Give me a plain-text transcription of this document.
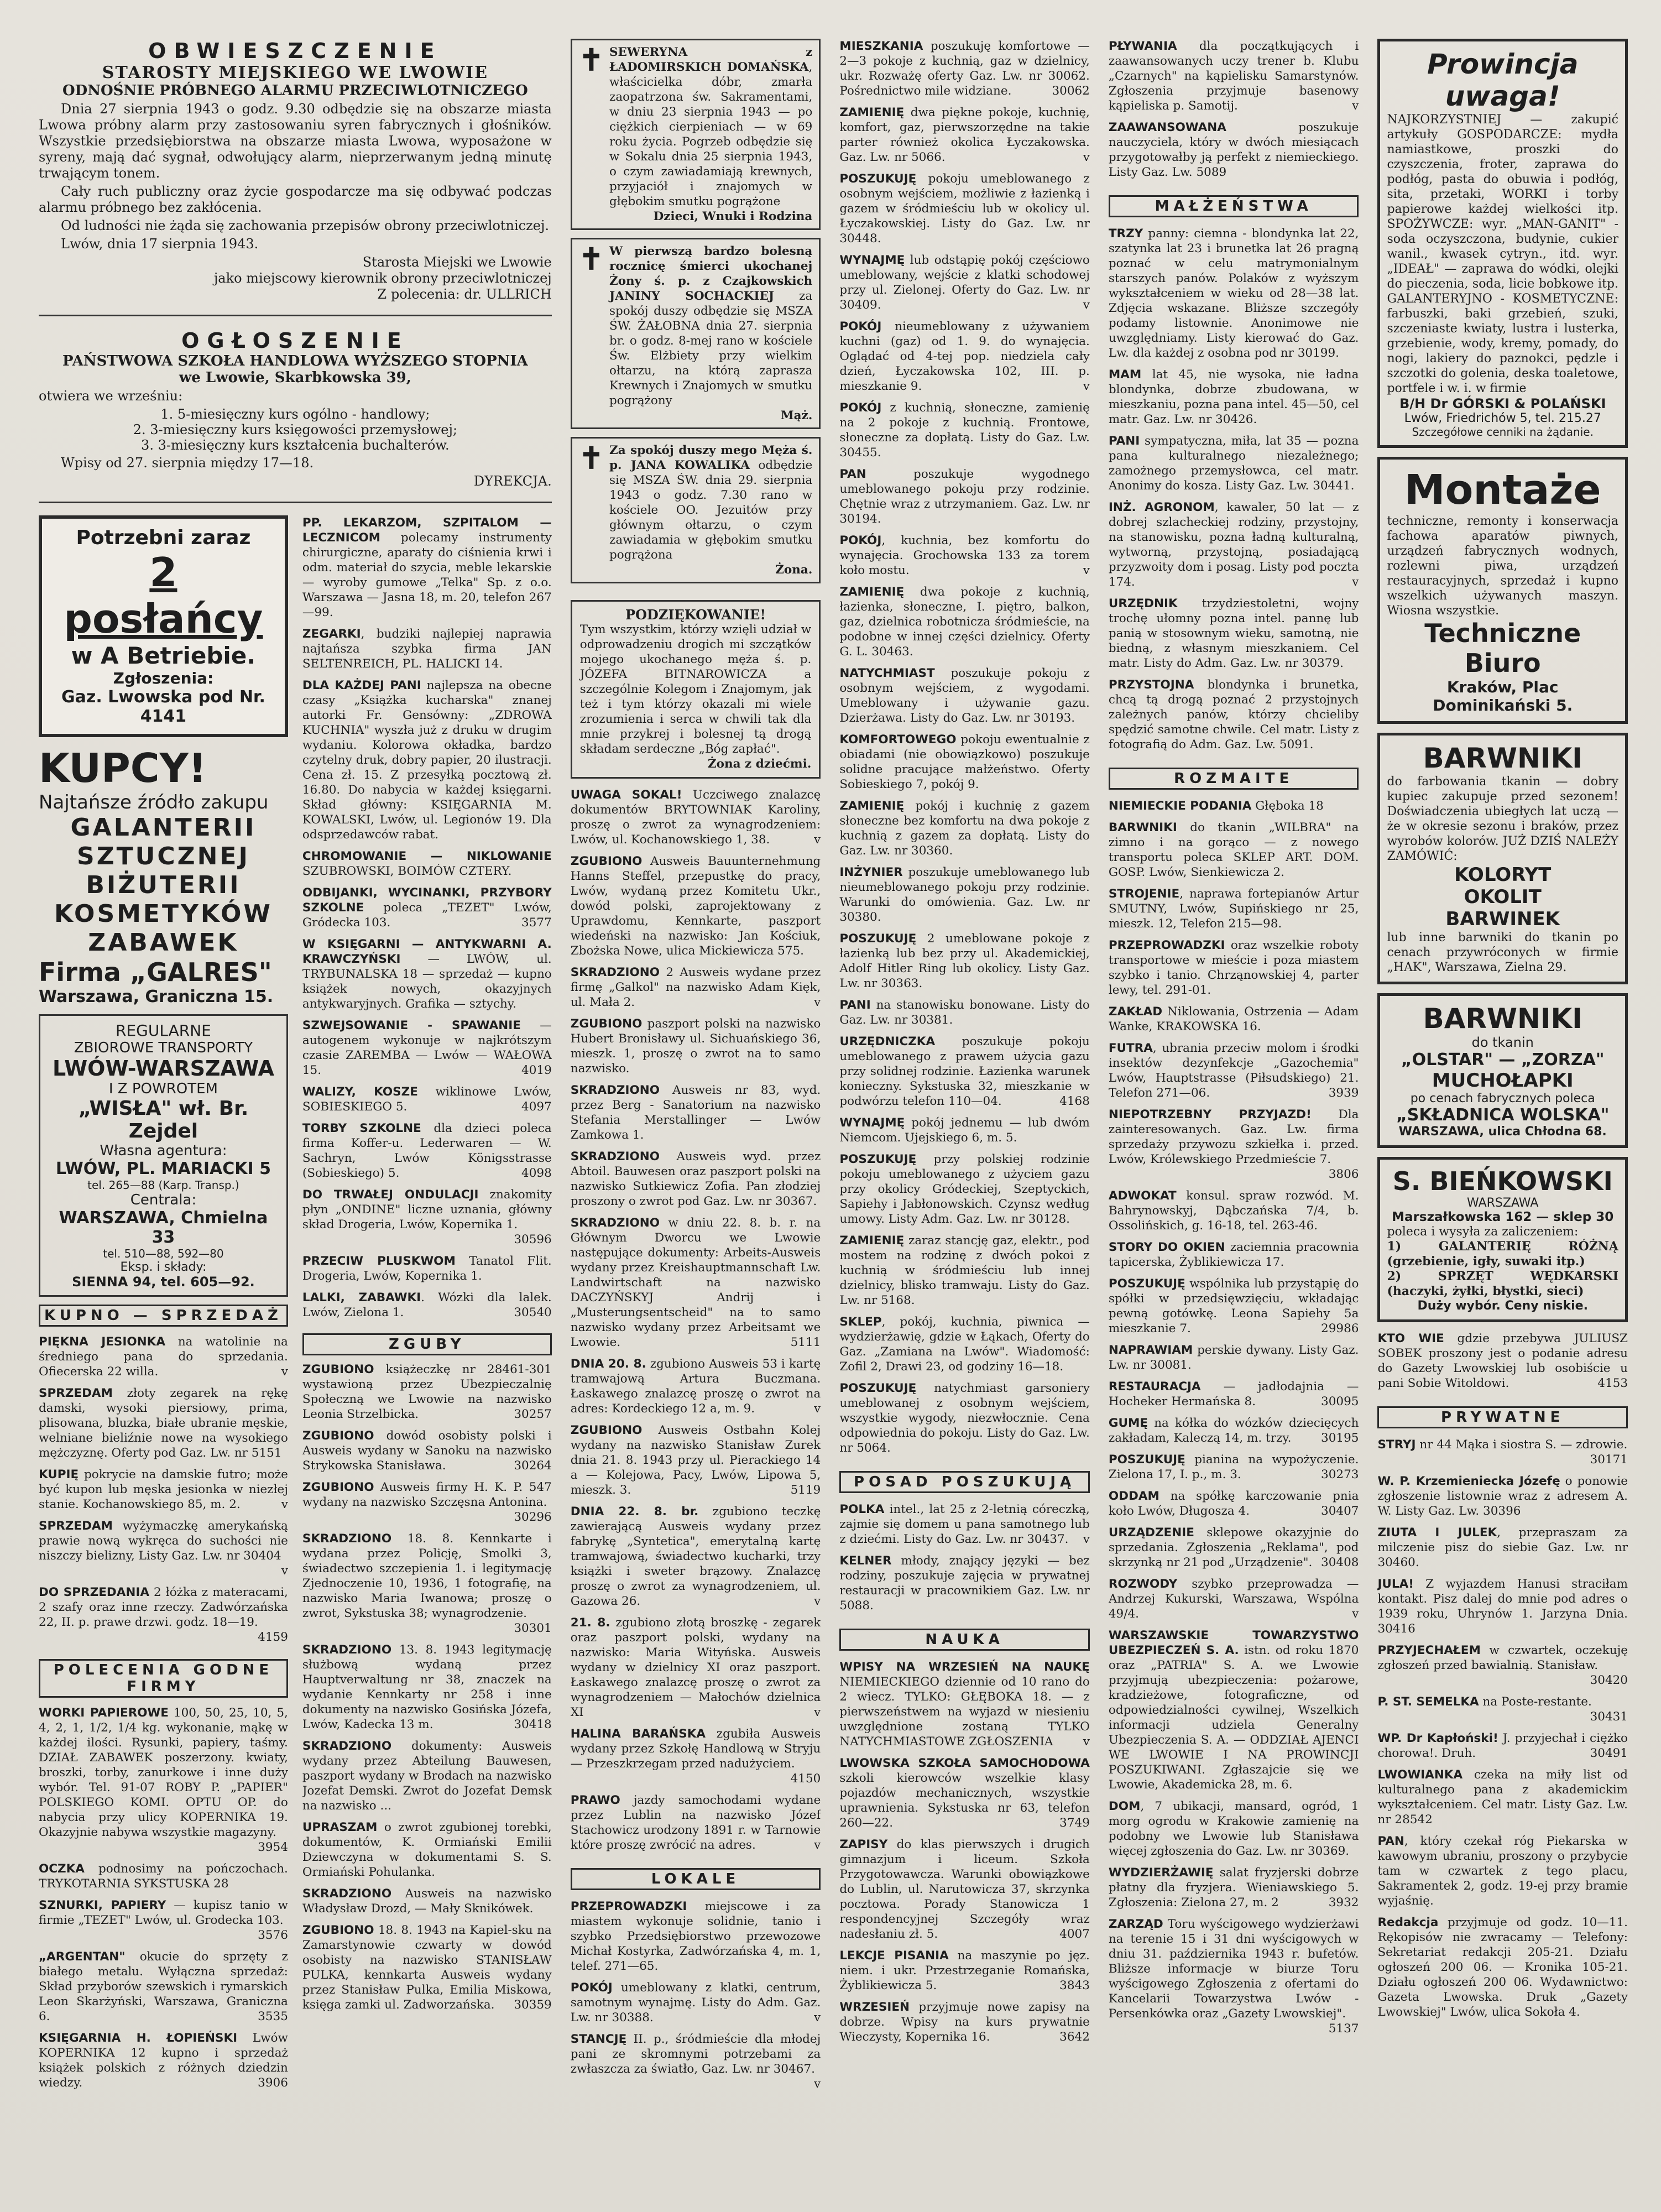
OBWIESZCZENIE
STAROSTY MIEJSKIEGO WE LWOWIE
ODNOŚNIE PRÓBNEGO ALARMU PRZECIWLOTNICZEGO

Dnia 27 sierpnia 1943 o godz. 9.30 odbędzie się na obszarze miasta Lwowa próbny alarm przy zastosowaniu syren fabrycznych i głośników. Wszystkie przedsiębiorstwa na obszarze miasta Lwowa, wyposażone w syreny, mają dać sygnał, odwołujący alarm, nieprzerwanym jedną minutę trwającym tonem.

Cały ruch publiczny oraz życie gospodarcze ma się odbywać podczas alarmu próbnego bez zakłócenia.

Od ludności nie żąda się zachowania przepisów obrony przeciwlotniczej.

Lwów, dnia 17 sierpnia 1943.

Starosta Miejski we Lwowie
jako miejscowy kierownik obrony przeciwlotniczej
Z polecenia: dr. ULLRICH
OGŁOSZENIE
PAŃSTWOWA SZKOŁA HANDLOWA WYŻSZEGO STOPNIA
we Lwowie, Skarbkowska 39,

otwiera we wrześniu:

1. 5-miesięczny kurs ogólno - handlowy;
2. 3-miesięczny kurs księgowości przemysłowej;
3. 3-miesięczny kurs kształcenia buchalterów.

Wpisy od 27. sierpnia między 17—18.

DYREKCJA.
Potrzebni zaraz
2 posłańcy
w A Betriebie.
Zgłoszenia:
Gaz. Lwowska pod Nr. 4141
KUPCY!
Najtańsze źródło zakupu
GALANTERII
SZTUCZNEJ
BIŻUTERII
KOSMETYKÓW
ZABAWEK
Firma „GALRES"
Warszawa, Graniczna 15.
REGULARNE
ZBIOROWE TRANSPORTY
LWÓW-WARSZAWA
I Z POWROTEM
„WISŁA" wł. Br. Zejdel
Własna agentura:
LWÓW, PL. MARIACKI 5
tel. 265—88 (Karp. Transp.)
Centrala:
WARSZAWA, Chmielna 33
tel. 510—88, 592—80
Eksp. i składy:
SIENNA 94, tel. 605—92.
KUPNO — SPRZEDAŻ
PIĘKNA JESIONKA na watolinie na średniego pana do sprzedania. Ofiecerska 22 willa.	v
SPRZEDAM złoty zegarek na rękę damski, wysoki piersiowy, prima, plisowana, bluzka, białe ubranie męskie, welniane bieliźnie nowe na wysokiego mężczyznę. Oferty pod Gaz. Lw. nr 5151
KUPIĘ pokrycie na damskie futro; może być kupon lub męska jesionka w niezłej stanie. Kochanowskiego 85, m. 2.	v
SPRZEDAM wyżymaczkę amerykańską prawie nową wykręca do suchości nie niszczy bielizny, Listy Gaz. Lw. nr 30404
v
DO SPRZEDANIA 2 łóżka z materacami, 2 szafy oraz inne rzeczy. Zadwórzańska 22, II. p. prawe drzwi. godz. 18—19.
4159
POLECENIA GODNE FIRMY
WORKI PAPIEROWE 100, 50, 25, 10, 5, 4, 2, 1, 1/2, 1/4 kg. wykonanie, mąkę w każdej ilości. Rysunki, papiery, taśmy. DZIAŁ ZABAWEK poszerzony. kwiaty, broszki, torby, zanurkowe i inne duży wybór. Tel. 91-07 ROBY P. „PAPIER" POLSKIEGO KOMI. OPTU OP. do nabycia przy ulicy KOPERNIKA 19. Okazyjnie nabywa wszystkie magazyny.
3954
OCZKA podnosimy na pończochach. TRYKOTARNIA SYKSTUSKA 28
SZNURKI, PAPIERY — kupisz tanio w firmie „TEZET" Lwów, ul. Grodecka 103.
3576
„ARGENTAN" okucie do sprzęty z białego metalu. Wyłączna sprzedaż: Skład przyborów szewskich i rymarskich Leon Skarżyński, Warszawa, Graniczna 6.	3535
KSIĘGARNIA H. ŁOPIEŃSKI Lwów KOPERNIKA 12 kupno i sprzedaż książek polskich z różnych dziedzin wiedzy.	3906
PP. LEKARZOM, SZPITALOM — LECZNICOM polecamy instrumenty chirurgiczne, aparaty do ciśnienia krwi i odm. materiał do szycia, meble lekarskie — wyroby gumowe „Telka" Sp. z o.o. Warszawa — Jasna 18, m. 20, telefon 267—99.
ZEGARKI, budziki najlepiej naprawia najtańsza szybka firma JAN SELTENREICH, PL. HALICKI 14.
DLA KAŻDEJ PANI najlepsza na obecne czasy „Książka kucharska" znanej autorki Fr. Gensówny: „ZDROWA KUCHNIA" wyszła już z druku w drugim wydaniu. Kolorowa okładka, bardzo czytelny druk, dobry papier, 20 ilustracji. Cena zł. 15. Z przesyłką pocztową zł. 16.80. Do nabycia w każdej księgarni. Skład główny: KSIĘGARNIA M. KOWALSKI, Lwów, ul. Legionów 19. Dla odsprzedawców rabat.
CHROMOWANIE — NIKLOWANIE SZUBROWSKI, BOIMÓW CZTERY.
ODBIJANKI, WYCINANKI, PRZYBORY SZKOLNE poleca „TEZET" Lwów, Gródecka 103.	3577
W KSIĘGARNI — ANTYKWARNI A. KRAWCZYŃSKI — LWÓW, ul. TRYBUNALSKA 18 — sprzedaż — kupno książek nowych, okazyjnych antykwaryjnych. Grafika — sztychy.
SZWEJSOWANIE - SPAWANIE — autogenem wykonuje w najkrótszym czasie ZAREMBA — Lwów — WAŁOWA 15.	4019
WALIZY, KOSZE wiklinowe Lwów, SOBIESKIEGO 5.	4097
TORBY SZKOLNE dla dzieci poleca firma Koffer-u. Lederwaren — W. Sachryn, Lwów Königsstrasse (Sobieskiego) 5.	4098
DO TRWAŁEJ ONDULACJI znakomity płyn „ONDINE" liczne uznania, główny skład Drogeria, Lwów, Kopernika 1.
30596
PRZECIW PLUSKWOM Tanatol Flit. Drogeria, Lwów, Kopernika 1.
LALKI, ZABAWKI. Wózki dla lalek. Lwów, Zielona 1.	30540
ZGUBY
ZGUBIONO książeczkę nr 28461-301 wystawioną przez Ubezpieczalnię Społeczną we Lwowie na nazwisko Leonia Strzelbicka.	30257
ZGUBIONO dowód osobisty polski i Ausweis wydany w Sanoku na nazwisko Strykowska Stanisława.	30264
ZGUBIONO Ausweis firmy H. K. P. 547 wydany na nazwisko Szczęsna Antonina.
30296
SKRADZIONO 18. 8. Kennkarte i wydana przez Policję, Smolki 3, świadectwo szczepienia 1. i legitymację Zjednoczenie 10, 1936, 1 fotografię, na nazwisko Maria Iwanowa; proszę o zwrot, Sykstuska 38; wynagrodzenie.
30301
SKRADZIONO 13. 8. 1943 legitymację służbową wydaną przez Hauptverwaltung nr 38, znaczek na wydanie Kennkarty nr 258 i inne dokumenty na nazwisko Gosińska Józefa, Lwów, Kadecka 13 m.	30418
SKRADZIONO dokumenty: Ausweis wydany przez Abteilung Bauwesen, paszport wydany w Brodach na nazwisko Jozefat Demski. Zwrot do Jozefat Demsk na nazwisko ...
UPRASZAM o zwrot zgubionej torebki, dokumentów, K. Ormiański Emilii Dziewczyna w dokumentami S. S. Ormiański Pohulanka.
SKRADZIONO Ausweis na nazwisko Władysław Drozd, — Mały Sknikówek.
ZGUBIONO 18. 8. 1943 na Kapiel-sku na Zamarstynowie czwarty w dowód osobisty na nazwisko STANISŁAW PULKA, kennkarta Ausweis wydany przez Stanisław Pulka, Emilia Miskowa, księga zamki ul. Zadworzańska.	30359
✝ SEWERYNA z ŁADOMIRSKICH DOMAŃSKA, właścicielka dóbr, zmarła zaopatrzona św. Sakramentami, w dniu 23 sierpnia 1943 — po ciężkich cierpieniach — w 69 roku życia. Pogrzeb odbędzie się w Sokalu dnia 25 sierpnia 1943, o czym zawiadamiają krewnych, przyjaciół i znajomych w głębokim smutku pogrążone
Dzieci, Wnuki i Rodzina
✝ W pierwszą bardzo bolesną rocznicę śmierci ukochanej Żony ś. p. z Czajkowskich JANINY SOCHACKIEJ za spokój duszy odbędzie się MSZA ŚW. ŻAŁOBNA dnia 27. sierpnia br. o godz. 8-mej rano w kościele Św. Elżbiety przy wielkim ołtarzu, na którą zaprasza Krewnych i Znajomych w smutku pogrążony
Mąż.
✝ Za spokój duszy mego Męża ś. p. JANA KOWALIKA odbędzie się MSZA ŚW. dnia 29. sierpnia 1943 o godz. 7.30 rano w kościele OO. Jezuitów przy głównym ołtarzu, o czym zawiadamia w głębokim smutku pogrążona
Żona.
PODZIĘKOWANIE!
Tym wszystkim, którzy wzięli udział w odprowadzeniu drogich mi szczątków mojego ukochanego męża ś. p. JÓZEFA BITNAROWICZA a szczególnie Kolegom i Znajomym, jak też i tym którzy okazali mi wiele zrozumienia i serca w chwili tak dla mnie przykrej i bolesnej tą drogą składam serdeczne „Bóg zapłać".
Żona z dziećmi.
UWAGA SOKAL! Uczciwego znalazcę dokumentów BRYTOWNIAK Karoliny, proszę o zwrot za wynagrodzeniem: Lwów, ul. Kochanowskiego 1, 38.	v
ZGUBIONO Ausweis Bauunternehmung Hanns Steffel, przepustkę do pracy, Lwów, wydaną przez Komitetu Ukr., dowód polski, zaprojektowany z Uprawdomu, Kennkarte, paszport wiedeński na nazwisko: Jan Kościuk, Zbożska Nowe, ulica Mickiewicza 575.
SKRADZIONO 2 Ausweis wydane przez firmę „Galkol" na nazwisko Adam Kięk, ul. Mała 2.	v
ZGUBIONO paszport polski na nazwisko Hubert Bronisławy ul. Sichuańskiego 36, mieszk. 1, proszę o zwrot na to samo nazwisko.
SKRADZIONO Ausweis nr 83, wyd. przez Berg - Sanatorium na nazwisko Stefania Merstallinger — Lwów Zamkowa 1.
SKRADZIONO Ausweis wyd. przez Abtoil. Bauwesen oraz paszport polski na nazwisko Sutkiewicz Zofia. Pan złodziej proszony o zwrot pod Gaz. Lw. nr 30367.
SKRADZIONO w dniu 22. 8. b. r. na Głównym Dworcu we Lwowie następujące dokumenty: Arbeits-Ausweis wydany przez Kreishauptmannschaft Lw. Landwirtschaft na nazwisko DACZYŃSKYJ Andrij i „Musterungsentscheid" na to samo nazwisko wydany przez Arbeitsamt we Lwowie.	5111
DNIA 20. 8. zgubiono Ausweis 53 i kartę tramwajową Artura Buczmana. Łaskawego znalazcę proszę o zwrot na adres: Kordeckiego 12 a, m. 9.	v
ZGUBIONO Ausweis Ostbahn Kolej wydany na nazwisko Stanisław Zurek dnia 21. 8. 1943 przy ul. Pierackiego 14 a — Kolejowa, Pacy, Lwów, Lipowa 5, mieszk. 3.	5119
DNIA 22. 8. br. zgubiono teczkę zawierającą Ausweis wydany przez fabrykę „Syntetica", emerytalną kartę tramwajową, świadectwo kucharki, trzy książki i sweter brązowy. Znalazcę proszę o zwrot za wynagrodzeniem, ul. Gazowa 26.	v
21. 8. zgubiono złotą broszkę - zegarek oraz paszport polski, wydany na nazwisko: Maria Wityńska. Ausweis wydany w dzielnicy XI oraz paszport. Łaskawego znalazcę proszę o zwrot za wynagrodzeniem — Małochów dzielnica XI	v
HALINA BARAŃSKA zgubiła Ausweis wydany przez Szkołę Handlową w Stryju — Przeszkrzegam przed nadużyciem.
4150
PRAWO jazdy samochodami wydane przez Lublin na nazwisko Józef Stachowicz urodzony 1891 r. w Tarnowie które proszę zwrócić na adres.	v
LOKALE
PRZEPROWADZKI miejscowe i za miastem wykonuje solidnie, tanio i szybko Przedsiębiorstwo przewozowe Michał Kostyrka, Zadwórzańska 4, m. 1, telef. 271—65.
POKÓJ umeblowany z klatki, centrum, samotnym wynajmę. Listy do Adm. Gaz. Lw. nr 30388.	v
STANCJĘ II. p., śródmieście dla młodej pani ze skromnymi potrzebami za zwłaszcza za światło, Gaz. Lw. nr 30467.
v
MIESZKANIA poszukuję komfortowe — 2—3 pokoje z kuchnią, gaz w dzielnicy, ukr. Rozważę oferty Gaz. Lw. nr 30062. Pośrednictwo mile widziane.	30062
ZAMIENIĘ dwa piękne pokoje, kuchnię, komfort, gaz, pierwszorzędne na takie parter również okolica Łyczakowska. Gaz. Lw. nr 5066.	v
POSZUKUJĘ pokoju umeblowanego z osobnym wejściem, możliwie z łazienką i gazem w śródmieściu lub w okolicy ul. Łyczakowskiej. Listy do Gaz. Lw. nr 30448.
WYNAJMĘ lub odstąpię pokój częściowo umeblowany, wejście z klatki schodowej przy ul. Zielonej. Oferty do Gaz. Lw. nr 30409.	v
POKÓJ nieumeblowany z używaniem kuchni (gaz) od 1. 9. do wynajęcia. Oglądać od 4-tej pop. niedziela cały dzień, Łyczakowska 102, III. p. mieszkanie 9.	v
POKÓJ z kuchnią, słoneczne, zamienię na 2 pokoje z kuchnią. Frontowe, słoneczne za dopłatą. Listy do Gaz. Lw. 30455.
PAN poszukuje wygodnego umeblowanego pokoju przy rodzinie. Chętnie wraz z utrzymaniem. Gaz. Lw. nr 30194.
POKÓJ, kuchnia, bez komfortu do wynajęcia. Grochowska 133 za torem koło mostu.	v
ZAMIENIĘ dwa pokoje z kuchnią, łazienka, słoneczne, I. piętro, balkon, gaz, dzielnica robotnicza śródmieście, na podobne w innej części dzielnicy. Oferty G. L. 30463.
NATYCHMIAST poszukuje pokoju z osobnym wejściem, z wygodami. Umeblowany i używanie gazu. Dzierżawa. Listy do Gaz. Lw. nr 30193.
KOMFORTOWEGO pokoju ewentualnie z obiadami (nie obowiązkowo) poszukuje solidne pracujące małżeństwo. Oferty Sobieskiego 7, pokój 9.
ZAMIENIĘ pokój i kuchnię z gazem słoneczne bez komfortu na dwa pokoje z kuchnią z gazem za dopłatą. Listy do Gaz. Lw. nr 30360.
INŻYNIER poszukuje umeblowanego lub nieumeblowanego pokoju przy rodzinie. Warunki do omówienia. Gaz. Lw. nr 30380.
POSZUKUJĘ 2 umeblowane pokoje z łazienką lub bez przy ul. Akademickiej, Adolf Hitler Ring lub okolicy. Listy Gaz. Lw. nr 30363.
PANI na stanowisku bonowane. Listy do Gaz. Lw. nr 30381.
URZĘDNICZKA poszukuje pokoju umeblowanego z prawem użycia gazu przy solidnej rodzinie. Łazienka warunek konieczny. Sykstuska 32, mieszkanie w podwórzu telefon 110—04.	4168
WYNAJMĘ pokój jednemu — lub dwóm Niemcom. Ujejskiego 6, m. 5.
POSZUKUJĘ przy polskiej rodzinie pokoju umeblowanego z użyciem gazu przy okolicy Gródeckiej, Szeptyckich, Sapiehy i Jabłonowskich. Czynsz według umowy. Listy Adm. Gaz. Lw. nr 30128.
ZAMIENIĘ zaraz stancję gaz, elektr., pod mostem na rodzinę z dwóch pokoi z kuchnią w śródmieściu lub innej dzielnicy, blisko tramwaju. Listy do Gaz. Lw. nr 5168.
SKLEP, pokój, kuchnia, piwnica — wydzierżawię, gdzie w Łąkach, Oferty do Gaz. „Zamiana na Lwów". Wiadomość: Zofil 2, Drawi 23, od godziny 16—18.
POSZUKUJĘ natychmiast garsoniery umeblowanej z osobnym wejściem, wszystkie wygody, niezwłocznie. Cena odpowiednia do pokoju. Listy do Gaz. Lw. nr 5064.
POSAD POSZUKUJĄ
POLKA intel., lat 25 z 2-letnią córeczką, zajmie się domem u pana samotnego lub z dziećmi. Listy do Gaz. Lw. nr 30437.	v
KELNER młody, znający języki — bez rodziny, poszukuje zajęcia w prywatnej restauracji w pracownikiem Gaz. Lw. nr 5088.
NAUKA
WPISY NA WRZESIEŃ NA NAUKĘ NIEMIECKIEGO dziennie od 10 rano do 2 wiecz. TYLKO: GŁĘBOKA 18. — z pierwszeństwem na wyjazd w niesieniu uwzględnione zostaną TYLKO NATYCHMIASTOWE ZGŁOSZENIA	v
LWOWSKA SZKOŁA SAMOCHODOWA szkoli kierowców wszelkie klasy pojazdów mechanicznych, wszystkie uprawnienia. Sykstuska nr 63, telefon 260—22.	3749
ZAPISY do klas pierwszych i drugich gimnazjum i liceum. Szkoła Przygotowawcza. Warunki obowiązkowe do Lublin, ul. Narutowicza 37, skrzynka pocztowa. Porady Stanowicza 1 respondencyjnej Szczegóły wraz nadesłaniu zł. 5.	4007
LEKCJE PISANIA na maszynie po jęz. niem. i ukr. Przestrzeganie Romańska, Żyblikiewicza 5.	3843
WRZESIEŃ przyjmuje nowe zapisy na dobrze. Wpisy na kurs prywatnie Wieczysty, Kopernika 16.	3642
PŁYWANIA dla początkujących i zaawansowanych uczy trener b. Klubu „Czarnych" na kąpielisku Samarstynów. Zgłoszenia przyjmuje basenowy kąpieliska p. Samotij.	v
ZAAWANSOWANA poszukuje nauczyciela, który w dwóch miesiącach przygotowałby ją perfekt z niemieckiego. Listy Gaz. Lw. 5089
MAŁŻEŃSTWA
TRZY panny: ciemna - blondynka lat 22, szatynka lat 23 i brunetka lat 26 pragną poznać w celu matrymonialnym starszych panów. Polaków z wyższym wykształceniem w wieku od 28—38 lat. Zdjęcia wskazane. Bliższe szczegóły podamy listownie. Anonimowe nie uwzględniamy. Listy kierować do Gaz. Lw. dla każdej z osobna pod nr 30199.
MAM lat 45, nie wysoka, nie ładna blondynka, dobrze zbudowana, w mieszkaniu, pozna pana intel. 45—50, cel matr. Gaz. Lw. nr 30426.
PANI sympatyczna, miła, lat 35 — pozna pana kulturalnego niezależnego; zamożnego przemysłowca, cel matr. Anonimy do kosza. Listy Gaz. Lw. 30441.
INŻ. AGRONOM, kawaler, 50 lat — z dobrej szlacheckiej rodziny, przystojny, na stanowisku, pozna ładną kulturalną, wytworną, przystojną, posiadającą przyzwoity dom i posag. Listy pod poczta 174.	v
URZĘDNIK trzydziestoletni, wojny trochę ułomny pozna intel. pannę lub panią w stosownym wieku, samotną, nie biedną, z własnym mieszkaniem. Cel matr. Listy do Adm. Gaz. Lw. nr 30379.
PRZYSTOJNA blondynka i brunetka, chcą tą drogą poznać 2 przystojnych zależnych panów, którzy chcieliby spędzić samotne chwile. Cel matr. Listy z fotografią do Adm. Gaz. Lw. 5091.
ROZMAITE
NIEMIECKIE PODANIA Głęboka 18
BARWNIKI do tkanin „WILBRA" na zimno i na gorąco — z nowego transportu poleca SKLEP ART. DOM. GOSP. Lwów, Sienkiewicza 2.
STROJENIE, naprawa fortepianów Artur SMUTNY, Lwów, Supińskiego nr 25, mieszk. 12, Telefon 215—98.
PRZEPROWADZKI oraz wszelkie roboty transportowe w mieście i poza miastem szybko i tanio. Chrząnowskiej 4, parter lewy, tel. 291-01.
ZAKŁAD Niklowania, Ostrzenia — Adam Wanke, KRAKOWSKA 16.
FUTRA, ubrania przeciw molom i środki insektów dezynfekcje „Gazochemia" Lwów, Hauptstrasse (Piłsudskiego) 21. Telefon 271—06.	3939
NIEPOTRZEBNY PRZYJAZD! Dla zainteresowanych. Gaz. Lw. firma sprzedaży przywozu szkiełka i. przed. Lwów, Królewskiego Przedmieście 7.
3806
ADWOKAT konsul. spraw rozwód. M. Bahrynowskyj, Dąbczańska 7/4, b. Ossolińskich, g. 16-18, tel. 263-46.
STORY DO OKIEN zaciemnia pracownia tapicerska, Żyblikiewicza 17.
POSZUKUJĘ wspólnika lub przystąpię do spółki w przedsięwzięciu, wkładając pewną gotówkę. Leona Sapiehy 5a mieszkanie 7.	29986
NAPRAWIAM perskie dywany. Listy Gaz. Lw. nr 30081.
RESTAURACJA — jadłodajnia — Hocheker Hermańska 8.	30095
GUMĘ na kółka do wózków dziecięcych zakładam, Kaleczą 14, m. trzy.	30195
POSZUKUJĘ pianina na wypożyczenie. Zielona 17, I. p., m. 3.	30273
ODDAM na spółkę karczowanie pnia koło Lwów, Długosza 4.	30407
URZĄDZENIE sklepowe okazyjnie do sprzedania. Zgłoszenia „Reklama", pod skrzynką nr 21 pod „Urządzenie". 30408
ROZWODY szybko przeprowadza — Andrzej Kukurski, Warszawa, Wspólna 49/4.	v
WARSZAWSKIE TOWARZYSTWO UBEZPIECZEŃ S. A. istn. od roku 1870 oraz „PATRIA" S. A. we Lwowie przyjmują ubezpieczenia: pożarowe, kradzieżowe, fotograficzne, od odpowiedzialności cywilnej, Wszelkich informacji udziela Generalny Ubezpieczenia S. A. — ODDZIAŁ AJENCI WE LWOWIE I NA PROWINCJI POSZUKIWANI. Zgłaszajcie się we Lwowie, Akademicka 28, m. 6.
DOM, 7 ubikacji, mansard, ogród, 1 morg ogrodu w Krakowie zamienię na podobny we Lwowie lub Stanisława więcej zgłoszenia do Gaz. Lw. nr 30369.
WYDZIERŻAWIĘ salat fryzjerski dobrze płatny dla fryzjera. Wieniawskiego 5. Zgłoszenia: Zielona 27, m. 2	3932
ZARZĄD Toru wyścigowego wydzierżawi na terenie 15 i 31 dni wyścigowych w dniu 31. października 1943 r. bufetów. Bliższe informacje w biurze Toru wyścigowego Zgłoszenia z ofertami do Kancelarii Towarzystwa Lwów - Persenkówka oraz „Gazety Lwowskiej".
5137
Prowincja uwaga!
NAJKORZYSTNIEJ — zakupić artykuły GOSPODARCZE: mydła namiastkowe, proszki do czyszczenia, froter, zaprawa do podłóg, pasta do obuwia i podłóg, sita, przetaki, WORKI i torby papierowe każdej wielkości itp. SPOŻYWCZE: wyr. „MAN-GANIT" - soda oczyszczona, budynie, cukier wanil., kwasek cytryn., itd. wyr. „IDEAŁ" — zaprawa do wódki, olejki do pieczenia, soda, licie bobkowe itp. GALANTERYJNO - KOSMETYCZNE: farbuszki, baki grzebień, szuki, szczeniaste kwiaty, lustra i lusterka, grzebienie, wody, kremy, pomady, do nogi, lakiery do paznokci, pędzle i szczotki do golenia, deska toaletowe, portfele i w. i. w firmie
B/H Dr GÓRSKI & POLAŃSKI
Lwów, Friedrichów 5, tel. 215.27
Szczegółowe cenniki na żądanie.
Montaże
techniczne, remonty i konserwacja fachowa aparatów piwnych, urządzeń fabrycznych wodnych, rozlewni piwa, urządzeń restauracyjnych, sprzedaż i kupno wszelkich używanych maszyn. Wiosna wszystkie.
Techniczne Biuro
Kraków, Plac Dominikański 5.
BARWNIKI
do farbowania tkanin — dobry kupiec zakupuje przed sezonem! Doświadczenia ubiegłych lat uczą — że w okresie sezonu i braków, przez wyrobów kolorów. JUŻ DZIŚ NALEŻY ZAMÓWIĆ:
KOLORYT
OKOLIT
BARWINEK
lub inne barwniki do tkanin po cenach przywróconych w firmie „HAK", Warszawa, Zielna 29.
BARWNIKI
do tkanin
„OLSTAR" — „ZORZA"
MUCHOŁAPKI
po cenach fabrycznych poleca
„SKŁADNICA WOLSKA"
WARSZAWA, ulica Chłodna 68.
S. BIEŃKOWSKI
WARSZAWA
Marszałkowska 162 — sklep 30
poleca i wysyła za zaliczeniem:
1) GALANTERIĘ RÓŻNĄ (grzebienie, igły, suwaki itp.)
2) SPRZĘT WĘDKARSKI (haczyki, żyłki, błystki, sieci)
Duży wybór. Ceny niskie.
KTO WIE gdzie przebywa JULIUSZ SOBEK proszony jest o podanie adresu do Gazety Lwowskiej lub osobiście u pani Sobie Witoldowi.	4153
PRYWATNE
STRYJ nr 44 Mąka i siostra S. — zdrowie.
30171
W. P. Krzemieniecka Józefę o ponowie zgłoszenie listownie wraz z adresem A. W. Listy Gaz. Lw. 30396
ZIUTA I JULEK, przepraszam za milczenie pisz do siebie Gaz. Lw. nr 30460.
JULA! Z wyjazdem Hanusi straciłam kontakt. Pisz dalej do mnie pod adres o 1939 roku, Uhrynów 1. Jarzyna Dnia. 30416
PRZYJECHAŁEM w czwartek, oczekuję zgłoszeń przed bawialnią. Stanisław.
30420
P. ST. SEMELKA na Poste-restante.
30431
WP. Dr Kapłoński! J. przyjechał i ciężko chorowa!. Druh.	30491
LWOWIANKA czeka na miły list od kulturalnego pana z akademickim wykształceniem. Cel matr. Listy Gaz. Lw. nr 28542
PAN, który czekał róg Piekarska w kawowym ubraniu, proszony o przybycie tam w czwartek z tego placu, Sakramentek 2, godz. 19-ej przy bramie wyjaśnię.
Redakcja przyjmuje od godz. 10—11. Rękopisów nie zwracamy — Telefony: Sekretariat redakcji 205-21. Działu ogłoszeń 200 06. — Kronika 105-21. Działu ogłoszeń 200 06. Wydawnictwo: Gazeta Lwowska. Druk „Gazety Lwowskiej" Lwów, ulica Sokoła 4.
